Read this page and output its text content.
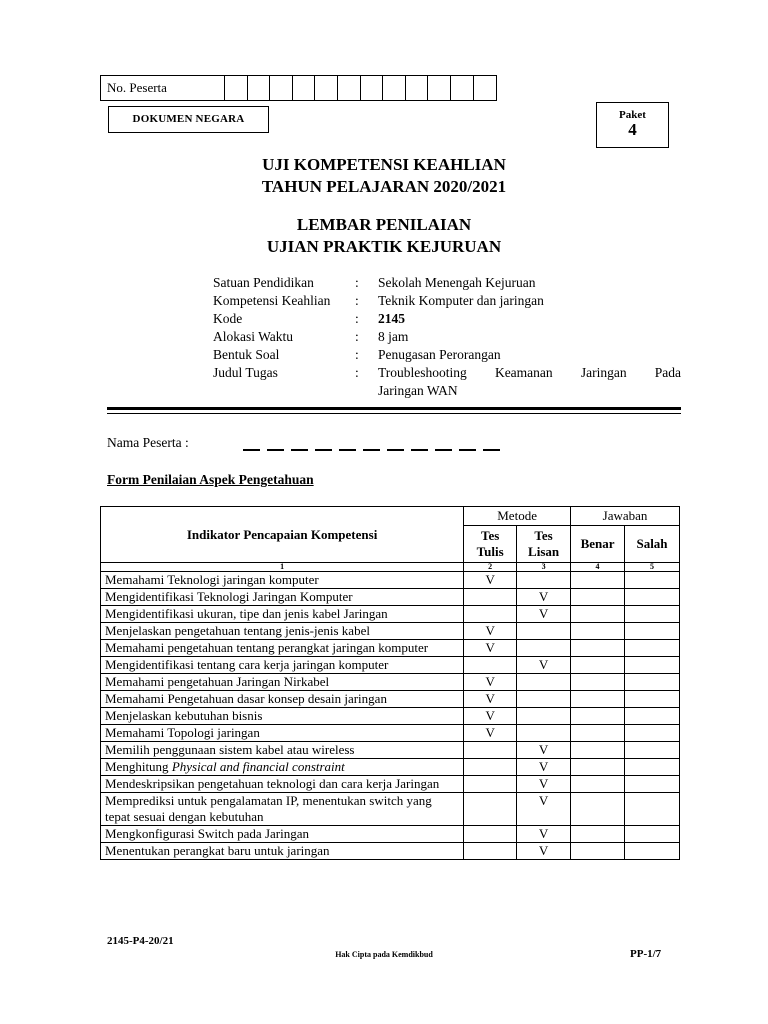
No. Peserta
DOKUMEN NEGARA	Paket
4
UJI KOMPETENSI KEAHLIAN
TAHUN PELAJARAN 2020/2021
LEMBAR PENILAIAN
UJIAN PRAKTIK KEJURUAN
Satuan Pendidikan	:	Sekolah Menengah Kejuruan
Kompetensi Keahlian	:	Teknik Komputer dan jaringan
Kode	:	2145
Alokasi Waktu	:	8 jam
Bentuk Soal	:	Penugasan Perorangan
Judul Tugas	:	Troubleshooting Keamanan Jaringan Pada
Jaringan WAN
Nama Peserta :
Form Penilaian Aspek Pengetahuan
Indikator Pencapaian Kompetensi	Metode		Jawaban	
	Tes Tulis	Tes Lisan	Benar	Salah
1	2	3	4	5
Memahami Teknologi jaringan komputer	V			
Mengidentifikasi Teknologi Jaringan Komputer		V		
Mengidentifikasi ukuran, tipe dan jenis kabel Jaringan		V		
Menjelaskan pengetahuan tentang jenis-jenis kabel	V			
Memahami pengetahuan tentang perangkat jaringan komputer	V			
Mengidentifikasi tentang cara kerja jaringan komputer		V		
Memahami pengetahuan Jaringan Nirkabel	V			
Memahami Pengetahuan dasar konsep desain jaringan	V			
Menjelaskan kebutuhan bisnis	V			
Memahami Topologi jaringan	V			
Memilih penggunaan sistem kabel atau wireless		V		
Menghitung Physical and financial constraint		V		
Mendeskripsikan pengetahuan teknologi dan cara kerja Jaringan		V		
Memprediksi untuk pengalamatan IP, menentukan switch yang tepat sesuai dengan kebutuhan		V		
Mengkonfigurasi Switch pada Jaringan		V		
Menentukan perangkat baru untuk jaringan		V		
2145-P4-20/21
Hak Cipta pada Kemdikbud	PP-1/7
